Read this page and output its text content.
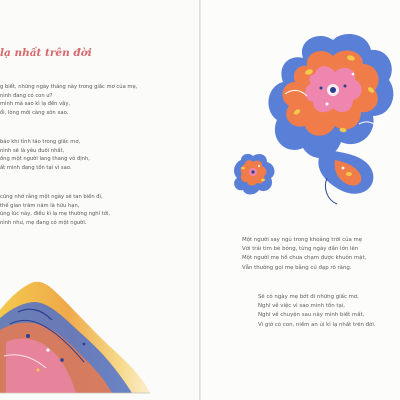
lạ nhất trên đời
g biết, những ngày tháng này trong giấc mơ của mẹ,
nình đang có con ư?
mình mà sao kì lạ đến vậy,
ổi, lòng mới càng xôn xao.
bảo khi tỉnh táo trong giấc mơ,
nình sẽ là yêu đuối nhất,
ống một người lang thang vô định,
ất mình đang tồn tại vì sao.
cũng nhớ rằng một ngày sẽ tan biến đi,
thế gian trăm năm là hữu hạn,
ũng lúc này, điều kì lạ mẹ thường nghĩ tới,
nình như, mẹ đang có một người.
Một người say ngủ trong khoảng trời của mẹ
Với trái tim bé bỏng, từng ngày dần lớn lên
Một người mẹ hồ chưa chạm được khuôn mặt,
Vẫn thường gọi mẹ bằng cú đạp rõ ràng.
Sẽ có ngày mẹ bớt đi những giấc mơ,
Nghĩ về việc vì sao mình tồn tại,
Nghĩ về chuyện sau này mình biết mất,
Vì giờ có con, niềm an ủi kì lạ nhất trên đời.
